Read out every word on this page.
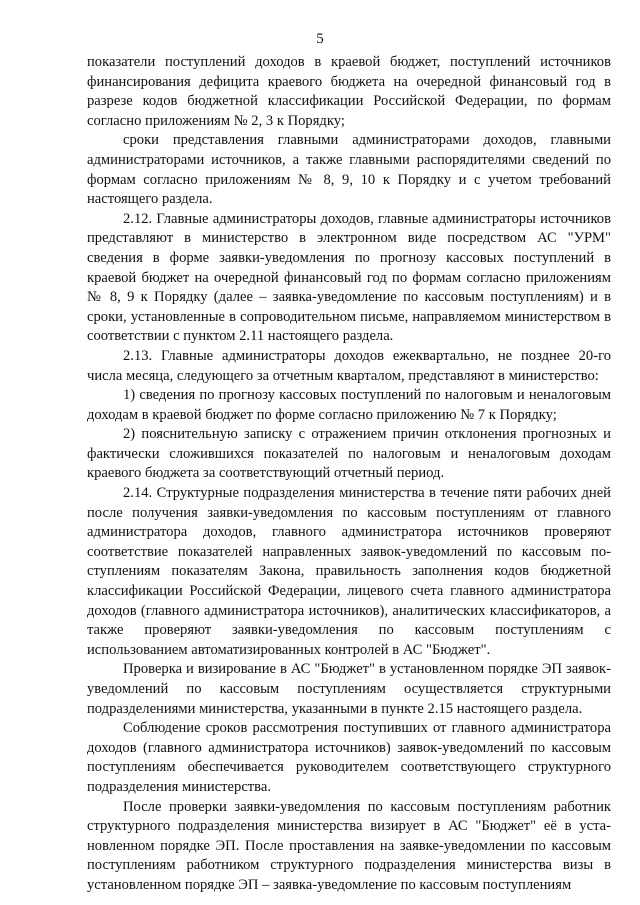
5

показатели поступлений доходов в краевой бюджет, поступлений источников финансирования дефицита краевого бюджета на очередной финансовый год в разрезе кодов бюджетной классификации Российской Федерации, по формам согласно приложениям № 2, 3 к Порядку;

сроки представления главными администраторами доходов, главными администраторами источников, а также главными распорядителями сведений по формам согласно приложениям № 8, 9, 10 к Порядку и с учетом требований настоящего раздела.

2.12. Главные администраторы доходов, главные администраторы источников представляют в министерство в электронном виде посредством АС "УРМ" сведения в форме заявки-уведомления по прогнозу кассовых поступлений в краевой бюджет на очередной финансовый год по формам согласно приложениям № 8, 9 к Порядку (далее – заявка-уведомление по кассовым поступлениям) и в сроки, установленные в сопроводительном письме, направляемом министерством в соответствии с пунктом 2.11 настоящего раздела.

2.13. Главные администраторы доходов ежеквартально, не позднее 20-го числа месяца, следующего за отчетным кварталом, представляют в министерство:

1) сведения по прогнозу кассовых поступлений по налоговым и неналоговым доходам в краевой бюджет по форме согласно приложению № 7 к Порядку;

2) пояснительную записку с отражением причин отклонения прогнозных и фактически сложившихся показателей по налоговым и неналоговым доходам краевого бюджета за соответствующий отчетный период.

2.14. Структурные подразделения министерства в течение пяти рабочих дней после получения заявки-уведомления по кассовым поступлениям от главного администратора доходов, главного администратора источников проверяют соответствие показателей направленных заявок-уведомлений по кассовым поступлениям показателям Закона, правильность заполнения кодов бюджетной классификации Российской Федерации, лицевого счета главного администратора доходов (главного администратора источников), аналитических классификаторов, а также проверяют заявки-уведомления по кассовым поступлениям с использованием автоматизированных контролей в АС "Бюджет".

Проверка и визирование в АС "Бюджет" в установленном порядке ЭП заявок-уведомлений по кассовым поступлениям осуществляется структурными подразделениями министерства, указанными в пункте 2.15 настоящего раздела.

Соблюдение сроков рассмотрения поступивших от главного администратора доходов (главного администратора источников) заявок-уведомлений по кассовым поступлениям обеспечивается руководителем соответствующего структурного подразделения министерства.

После проверки заявки-уведомления по кассовым поступлениям работник структурного подразделения министерства визирует в АС "Бюджет" её в установленном порядке ЭП. После проставления на заявке-уведомлении по кассовым поступлениям работником структурного подразделения министерства визы в установленном порядке ЭП – заявка-уведомление по кассовым поступлениям
